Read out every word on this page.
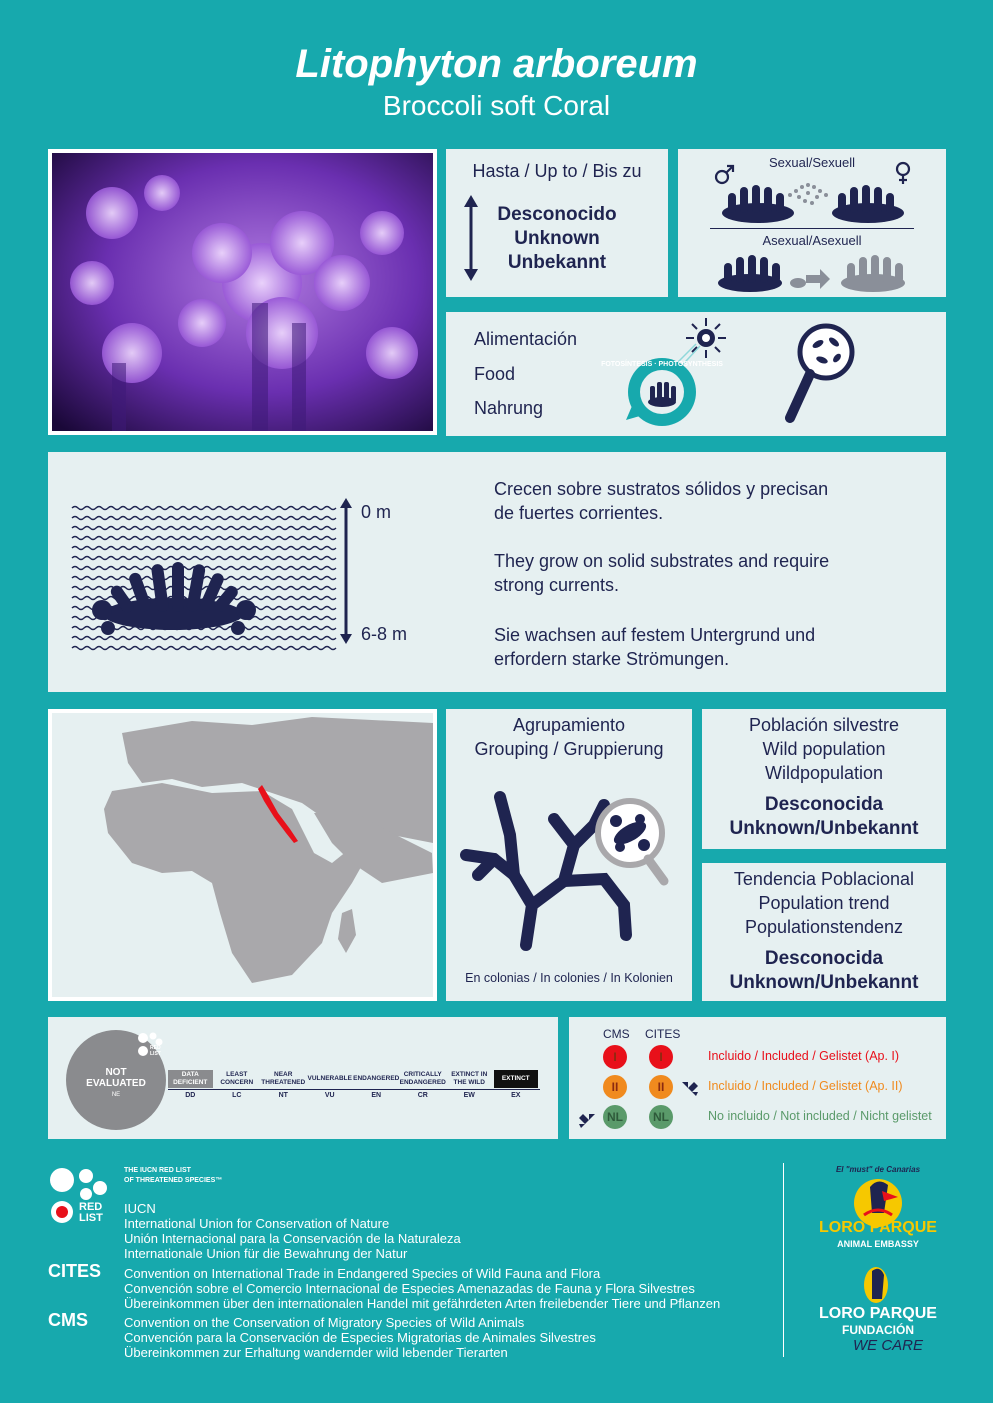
Litophyton arboreum
Broccoli soft Coral
Hasta / Up to / Bis zu
Desconocido
Unknown
Unbekannt
Sexual/Sexuell
Asexual/Asexuell
Alimentación
Food
Nahrung
FOTOSÍNTESIS · PHOTOSYNTHESIS
0 m
6-8 m
Crecen sobre sustratos sólidos y precisan
de fuertes corrientes.
They grow on solid substrates and require
strong currents.
Sie wachsen auf festem Untergrund und
erfordern starke Strömungen.
Agrupamiento
Grouping / Gruppierung
En colonias / In colonies / In Kolonien
Población silvestre
Wild population
Wildpopulation
Desconocida
Unknown/Unbekannt
Tendencia Poblacional
Population trend
Populationstendenz
Desconocida
Unknown/Unbekannt
NOT
EVALUATED
NE
RED
LIST
DATA DEFICIENT
DD
LEAST CONCERN
LC
NEAR THREATENED
NT
VULNERABLE
VU
ENDANGERED
EN
CRITICALLY ENDANGERED
CR
EXTINCT IN THE WILD
EW
EXTINCT
EX
CMS CITES
I	I	Incluido / Included / Gelistet (Ap. I)
II	II	Incluido / Included / Gelistet (Ap. II)
NL	NL	No incluido / Not included / Nicht gelistet
RED
LIST
THE IUCN RED LIST
OF THREATENED SPECIES™
IUCN
International Union for Conservation of Nature
Unión Internacional para la Conservación de la Naturaleza
Internationale Union für die Bewahrung der Natur
CITES Convention on International Trade in Endangered Species of Wild Fauna and Flora
Convención sobre el Comercio Internacional de Especies Amenazadas de Fauna y Flora Silvestres
Übereinkommen über den internationalen Handel mit gefährdeten Arten freilebender Tiere und Pflanzen
CMS	Convention on the Conservation of Migratory Species of Wild Animals
Convención para la Conservación de Especies Migratorias de Animales Silvestres
Übereinkommen zur Erhaltung wandernder wild lebender Tierarten
El "must" de Canarias
LORO PARQUE
ANIMAL EMBASSY
LORO PARQUE
FUNDACIÓN
WE CARE
